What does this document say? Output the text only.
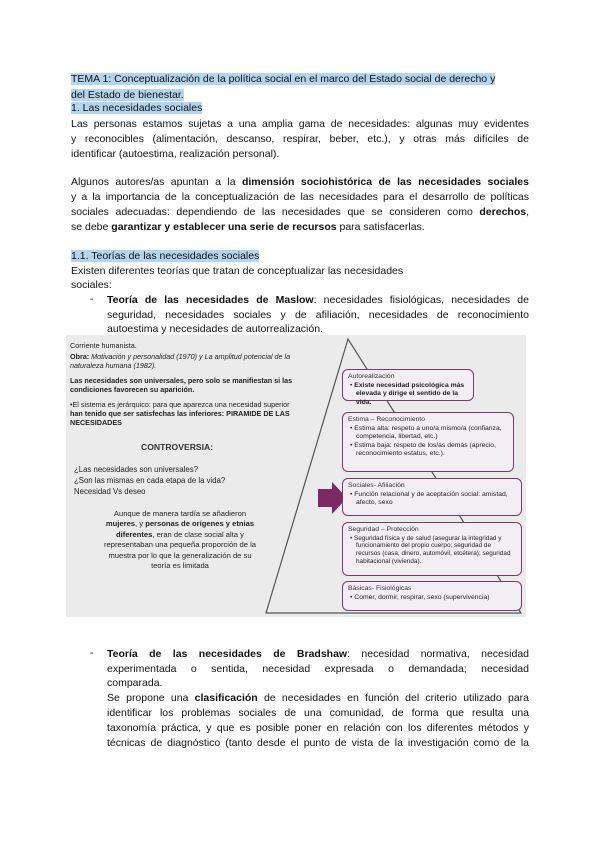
TEMA 1: Conceptualización de la política social en el marco del Estado social de derecho y
del Estado de bienestar.
1. Las necesidades sociales
Las personas estamos sujetas a una amplia gama de necesidades: algunas muy evidentes
y reconocibles (alimentación, descanso, respirar, beber, etc.), y otras más difíciles de
identificar (autoestima, realización personal).
Algunos autores/as apuntan a la dimensión sociohistórica de las necesidades sociales
y a la importancia de la conceptualización de las necesidades para el desarrollo de políticas
sociales adecuadas: dependiendo de las necesidades que se consideren como derechos,
se debe garantizar y establecer una serie de recursos para satisfacerlas.
1.1. Teorías de las necesidades sociales
Existen diferentes teorías que tratan de conceptualizar las necesidades
sociales:
- Teoría de las necesidades de Maslow: necesidades fisiológicas, necesidades de
seguridad, necesidades sociales y de afiliación, necesidades de reconocimiento
autoestima y necesidades de autorrealización.
Corriente humanista.
Obra: Motivación y personalidad (1970) y La amplitud potencial de la
naturaleza humana (1982).
Las necesidades son universales, pero solo se manifiestan si las
condiciones favorecen su aparición.
•El sistema es jerárquico: para que aparezca una necesidad superior
han tenido que ser satisfechas las inferiores: PIRAMIDE DE LAS
NECESIDADES
CONTROVERSIA:
¿Las necesidades son universales?
¿Son las mismas en cada etapa de la vida?
Necesidad Vs deseo
Aunque de manera tardía se añadieron
mujeres, y personas de orígenes y etnias
diferentes, eran de clase social alta y
representaban una pequeña proporción de la
muestra por lo que la generalización de su
teoría es limitada
Autorealización
• Existe necesidad psicológica más elevada y dirige el sentido de la vida.
Estima – Reconocimiento
• Estima alta: respeto a uno/a mismo/a (confianza, competencia, libertad, etc.)
• Estima baja: respeto de los/as demás (aprecio, reconocimiento estatus, etc.).
Sociales- Afiliación
• Función relacional y de aceptación social: amistad, afecto, sexo
Seguridad – Protección
• Seguridad física y de salud (asegurar la integridad y funcionamiento del propio cuerpo; seguridad de recursos (casa, dinero, automóvil, etcétera); seguridad habitacional (vivienda).
Básicas- Fisiológicas
• Comer, dormir, respirar, sexo (supervivencia)
- Teoría de las necesidades de Bradshaw: necesidad normativa, necesidad
experimentada o sentida, necesidad expresada o demandada; necesidad
comparada.
Se propone una clasificación de necesidades en función del criterio utilizado para
identificar los problemas sociales de una comunidad, de forma que resulta una
taxonomía práctica, y que es posible poner en relación con los diferentes métodos y
técnicas de diagnóstico (tanto desde el punto de vista de la investigación como de la
